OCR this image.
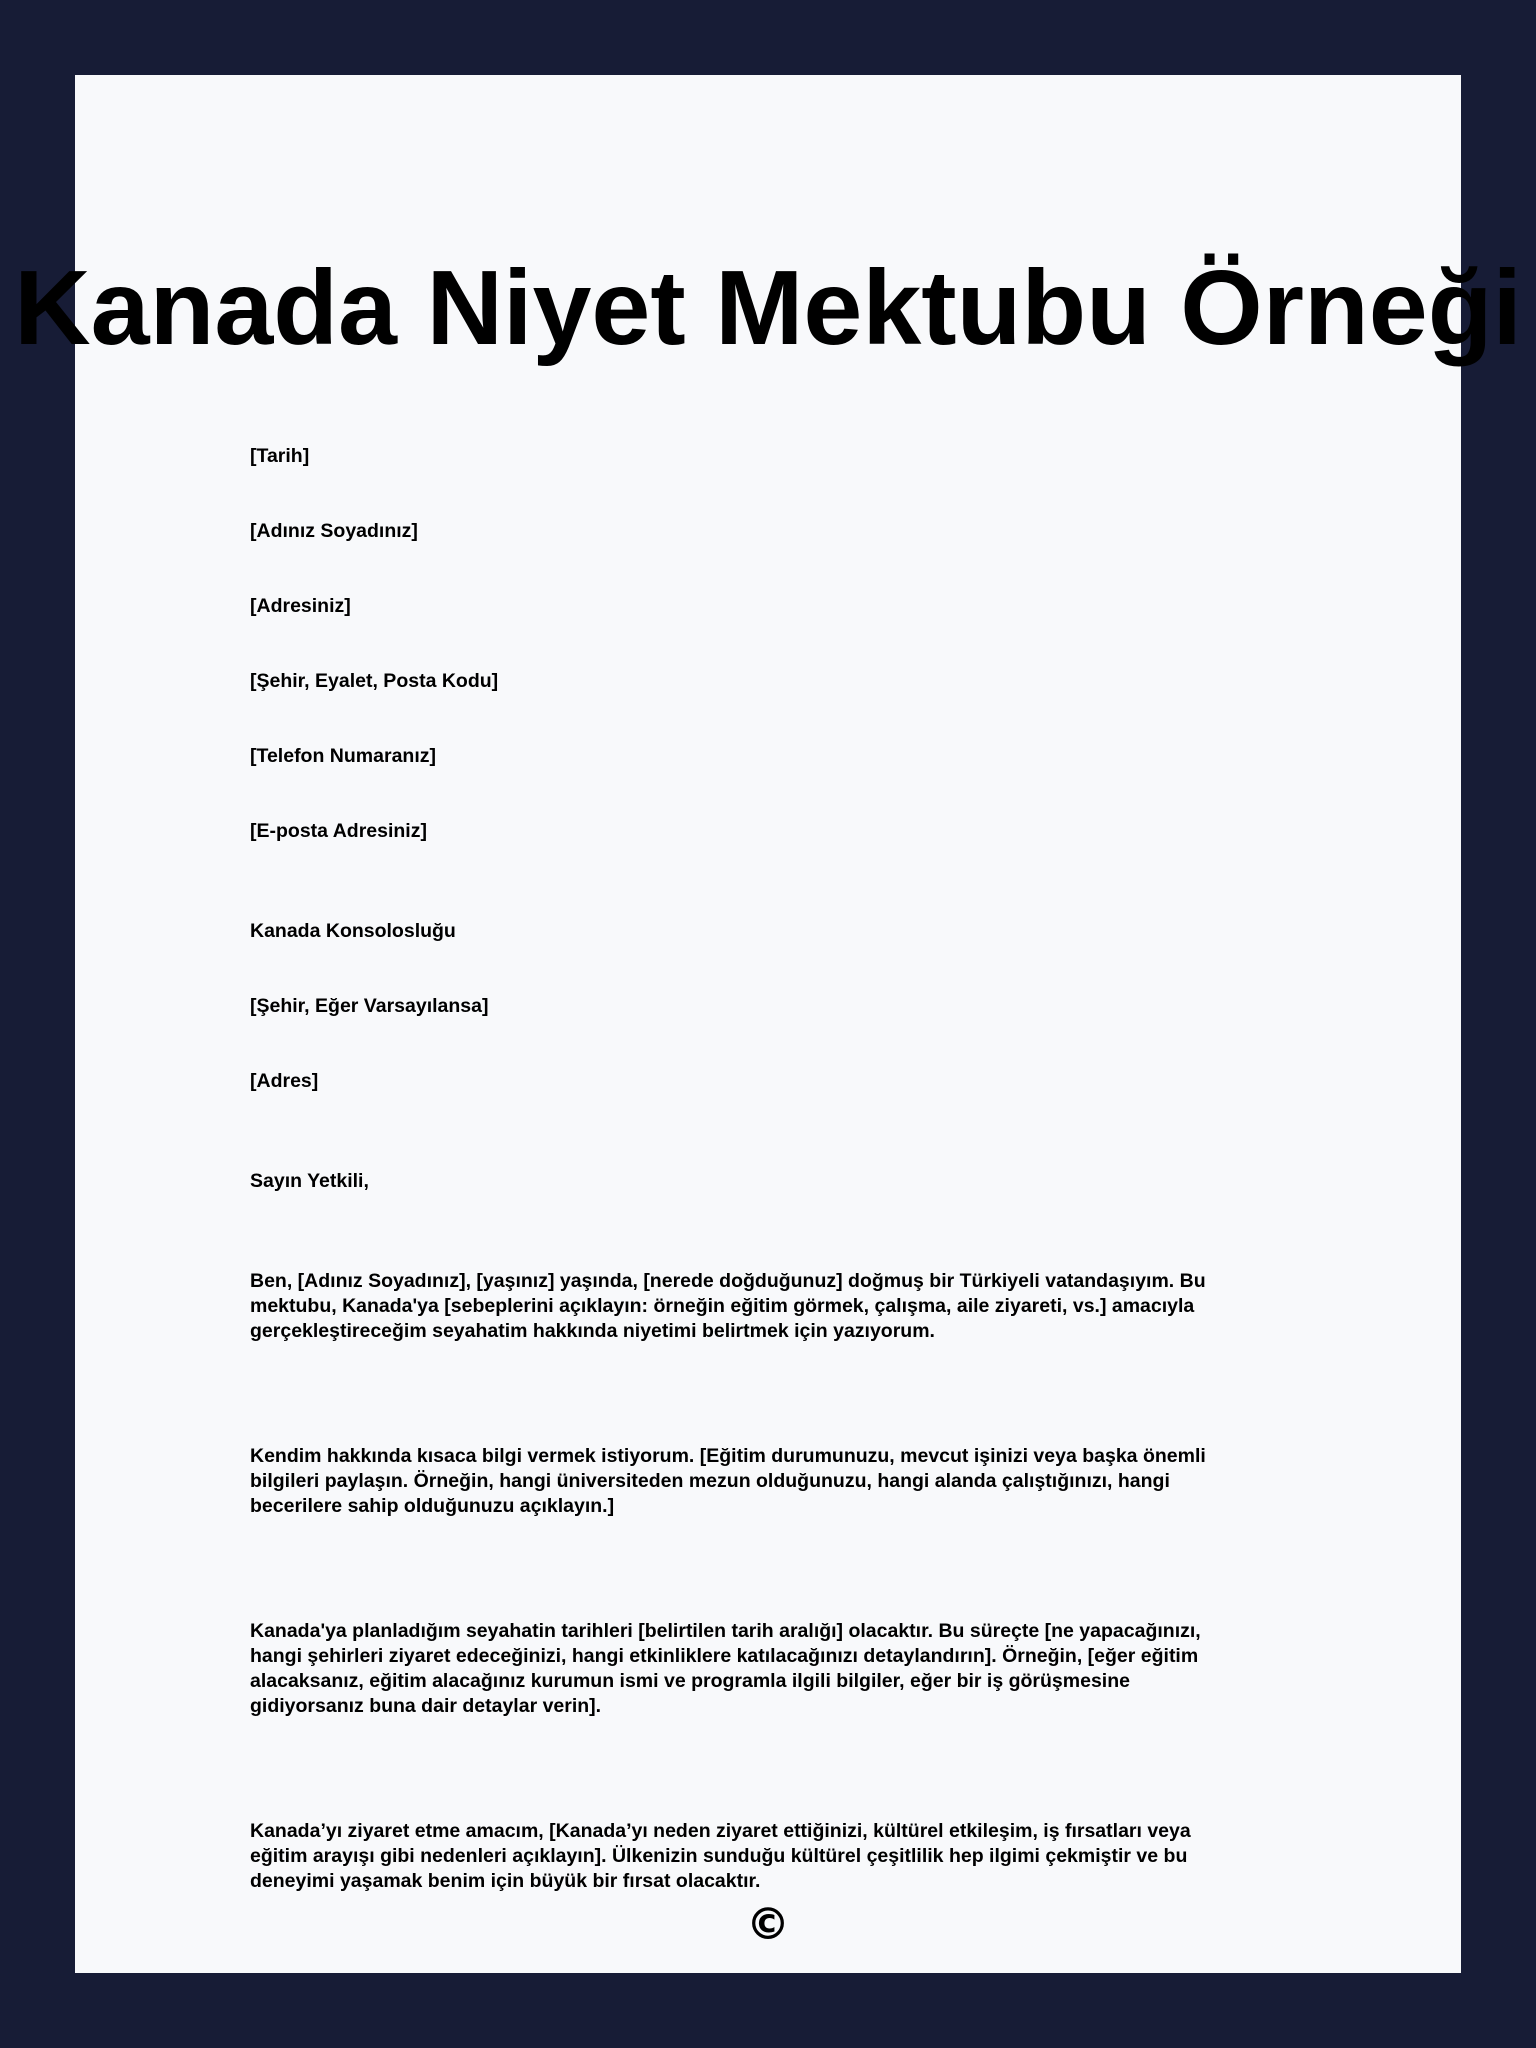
Kanada Niyet Mektubu Örneği
[Tarih]
[Adınız Soyadınız]
[Adresiniz]
[Şehir, Eyalet, Posta Kodu]
[Telefon Numaranız]
[E-posta Adresiniz]
Kanada Konsolosluğu
[Şehir, Eğer Varsayılansa]
[Adres]
Sayın Yetkili,

Ben, [Adınız Soyadınız], [yaşınız] yaşında, [nerede doğduğunuz] doğmuş bir Türkiyeli vatandaşıyım. Bu mektubu, Kanada'ya [sebeplerini açıklayın: örneğin eğitim görmek, çalışma, aile ziyareti, vs.] amacıyla gerçekleştireceğim seyahatim hakkında niyetimi belirtmek için yazıyorum.

Kendim hakkında kısaca bilgi vermek istiyorum. [Eğitim durumunuzu, mevcut işinizi veya başka önemli bilgileri paylaşın. Örneğin, hangi üniversiteden mezun olduğunuzu, hangi alanda çalıştığınızı, hangi becerilere sahip olduğunuzu açıklayın.]

Kanada'ya planladığım seyahatin tarihleri [belirtilen tarih aralığı] olacaktır. Bu süreçte [ne yapacağınızı, hangi şehirleri ziyaret edeceğinizi, hangi etkinliklere katılacağınızı detaylandırın]. Örneğin, [eğer eğitim alacaksanız, eğitim alacağınız kurumun ismi ve programla ilgili bilgiler, eğer bir iş görüşmesine gidiyorsanız buna dair detaylar verin].

Kanada’yı ziyaret etme amacım, [Kanada’yı neden ziyaret ettiğinizi, kültürel etkileşim, iş fırsatları veya eğitim arayışı gibi nedenleri açıklayın]. Ülkenizin sunduğu kültürel çeşitlilik hep ilgimi çekmiştir ve bu deneyimi yaşamak benim için büyük bir fırsat olacaktır.

©
